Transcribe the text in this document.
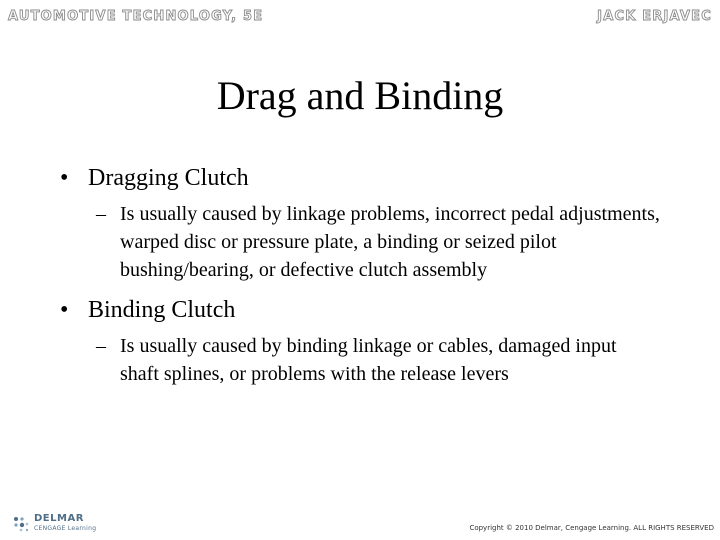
AUTOMOTIVE TECHNOLOGY, 5E	JACK ERJAVEC
Drag and Binding
• Dragging Clutch
– Is usually caused by linkage problems, incorrect pedal adjustments, warped disc or pressure plate, a binding or seized pilot bushing/bearing, or defective clutch assembly
• Binding Clutch
– Is usually caused by binding linkage or cables, damaged input shaft splines, or problems with the release levers
DELMAR
CENGAGE Learning	Copyright © 2010 Delmar, Cengage Learning. ALL RIGHTS RESERVED
